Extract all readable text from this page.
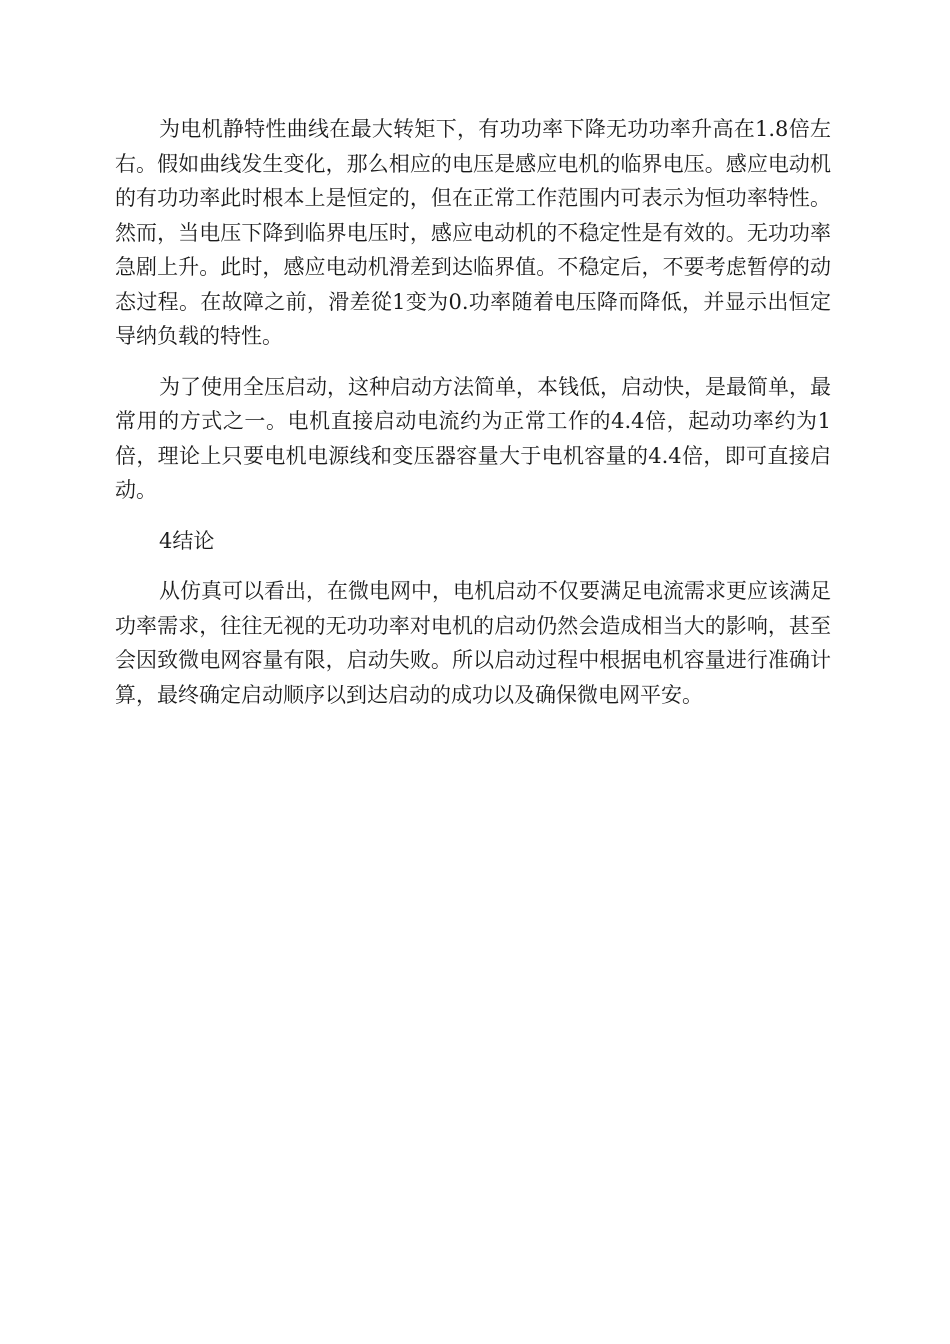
为电机静特性曲线在最大转矩下，有功功率下降无功功率升高在1.8倍左右。假如曲线发生变化，那么相应的电压是感应电机的临界电压。感应电动机的有功功率此时根本上是恒定的，但在正常工作范围内可表示为恒功率特性。然而，当电压下降到临界电压时，感应电动机的不稳定性是有效的。无功功率急剧上升。此时，感应电动机滑差到达临界值。不稳定后，不要考虑暂停的动态过程。在故障之前，滑差從1变为0.功率随着电压降而降低，并显示出恒定导纳负载的特性。

为了使用全压启动，这种启动方法简单，本钱低，启动快，是最简单，最常用的方式之一。电机直接启动电流约为正常工作的4.4倍，起动功率约为1倍，理论上只要电机电源线和变压器容量大于电机容量的4.4倍，即可直接启动。

4结论

从仿真可以看出，在微电网中，电机启动不仅要满足电流需求更应该满足功率需求，往往无视的无功功率对电机的启动仍然会造成相当大的影响，甚至会因致微电网容量有限，启动失败。所以启动过程中根据电机容量进行准确计算，最终确定启动顺序以到达启动的成功以及确保微电网平安。
